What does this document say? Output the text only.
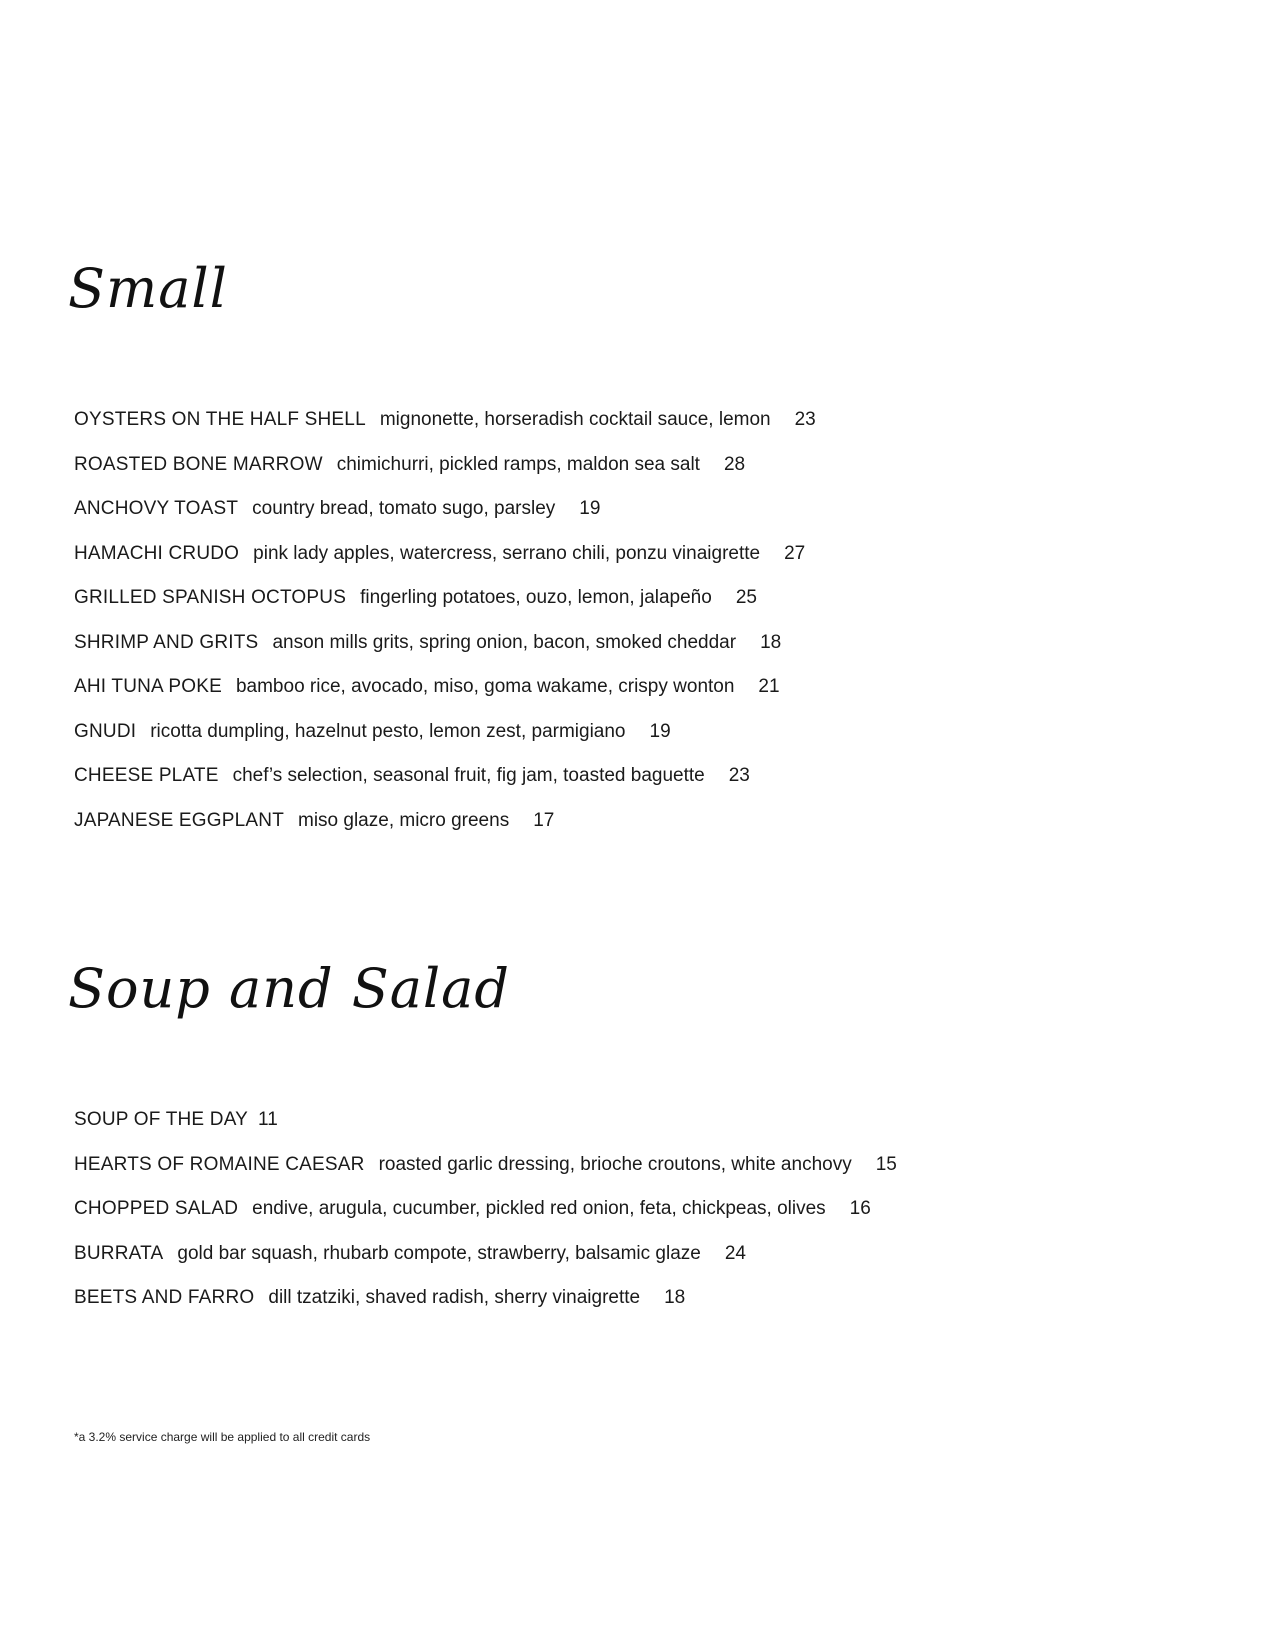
Small
OYSTERS ON THE HALF SHELL mignonette, horseradish cocktail sauce, lemon 23
ROASTED BONE MARROW chimichurri, pickled ramps, maldon sea salt 28
ANCHOVY TOAST country bread, tomato sugo, parsley 19
HAMACHI CRUDO pink lady apples, watercress, serrano chili, ponzu vinaigrette 27
GRILLED SPANISH OCTOPUS fingerling potatoes, ouzo, lemon, jalapeño 25
SHRIMP AND GRITS anson mills grits, spring onion, bacon, smoked cheddar 18
AHI TUNA POKE bamboo rice, avocado, miso, goma wakame, crispy wonton 21
GNUDI ricotta dumpling, hazelnut pesto, lemon zest, parmigiano 19
CHEESE PLATE chef’s selection, seasonal fruit, fig jam, toasted baguette 23
JAPANESE EGGPLANT miso glaze, micro greens 17
Soup and Salad
SOUP OF THE DAY 11
HEARTS OF ROMAINE CAESAR roasted garlic dressing, brioche croutons, white anchovy 15
CHOPPED SALAD endive, arugula, cucumber, pickled red onion, feta, chickpeas, olives 16
BURRATA gold bar squash, rhubarb compote, strawberry, balsamic glaze 24
BEETS AND FARRO dill tzatziki, shaved radish, sherry vinaigrette 18

*a 3.2% service charge will be applied to all credit cards
